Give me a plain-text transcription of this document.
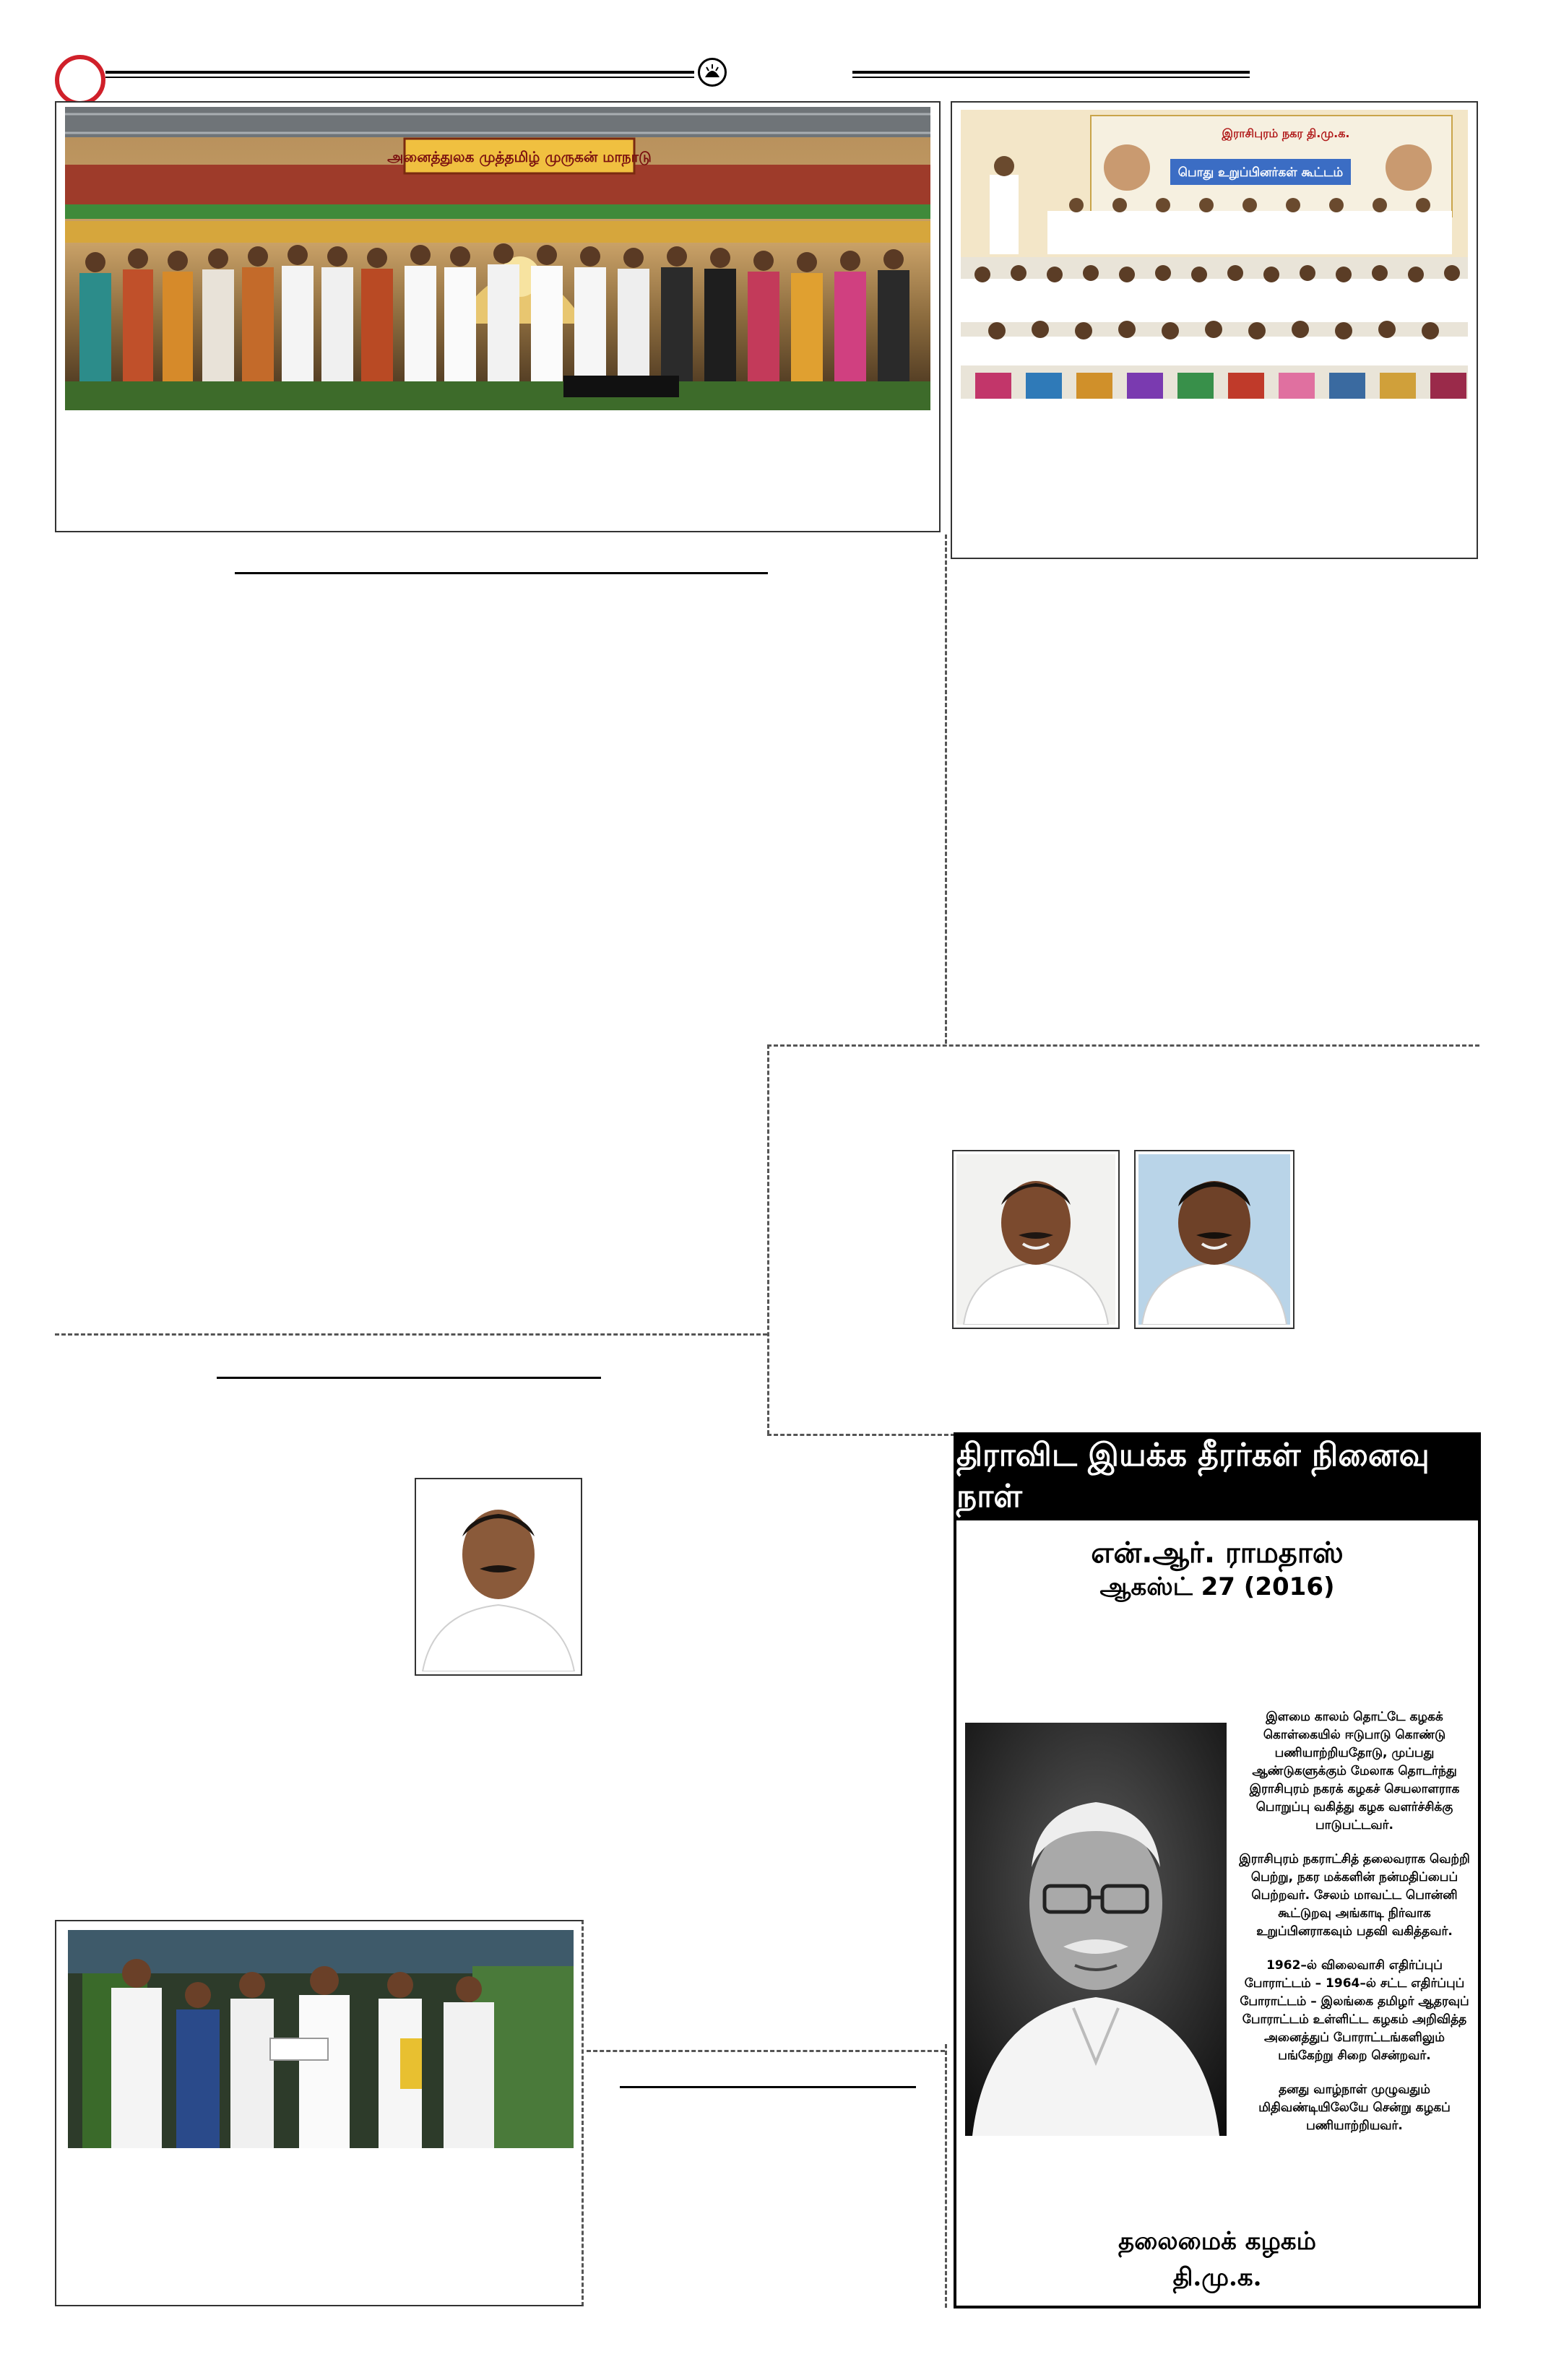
அனைத்துலக முத்தமிழ் முருகன் மாநாடு
இராசிபுரம் நகர தி.மு.க.
பொது உறுப்பினர்கள் கூட்டம்
திராவிட இயக்க தீரர்கள் நினைவு நாள்
என்.ஆர். ராமதாஸ்
ஆகஸ்ட் 27 (2016)

இளமை காலம் தொட்டே கழகக் கொள்கையில் ஈடுபாடு கொண்டு பணியாற்றியதோடு, முப்பது ஆண்டுகளுக்கும் மேலாக தொடர்ந்து இராசிபுரம் நகரக் கழகச் செயலாளராக பொறுப்பு வகித்து கழக வளர்ச்சிக்கு பாடுபட்டவர்.

இராசிபுரம் நகராட்சித் தலைவராக வெற்றி பெற்று, நகர மக்களின் நன்மதிப்பைப் பெற்றவர். சேலம் மாவட்ட பொன்னி கூட்டுறவு அங்காடி நிர்வாக உறுப்பினராகவும் பதவி வகித்தவர்.

1962–ல் விலைவாசி எதிர்ப்புப் போராட்டம் – 1964–ல் சட்ட எதிர்ப்புப் போராட்டம் – இலங்கை தமிழர் ஆதரவுப் போராட்டம் உள்ளிட்ட கழகம் அறிவித்த அனைத்துப் போராட்டங்களிலும் பங்கேற்று சிறை சென்றவர்.

தனது வாழ்நாள் முழுவதும் மிதிவண்டியிலேயே சென்று கழகப் பணியாற்றியவர்.

தலைமைக் கழகம்
தி.மு.க.
